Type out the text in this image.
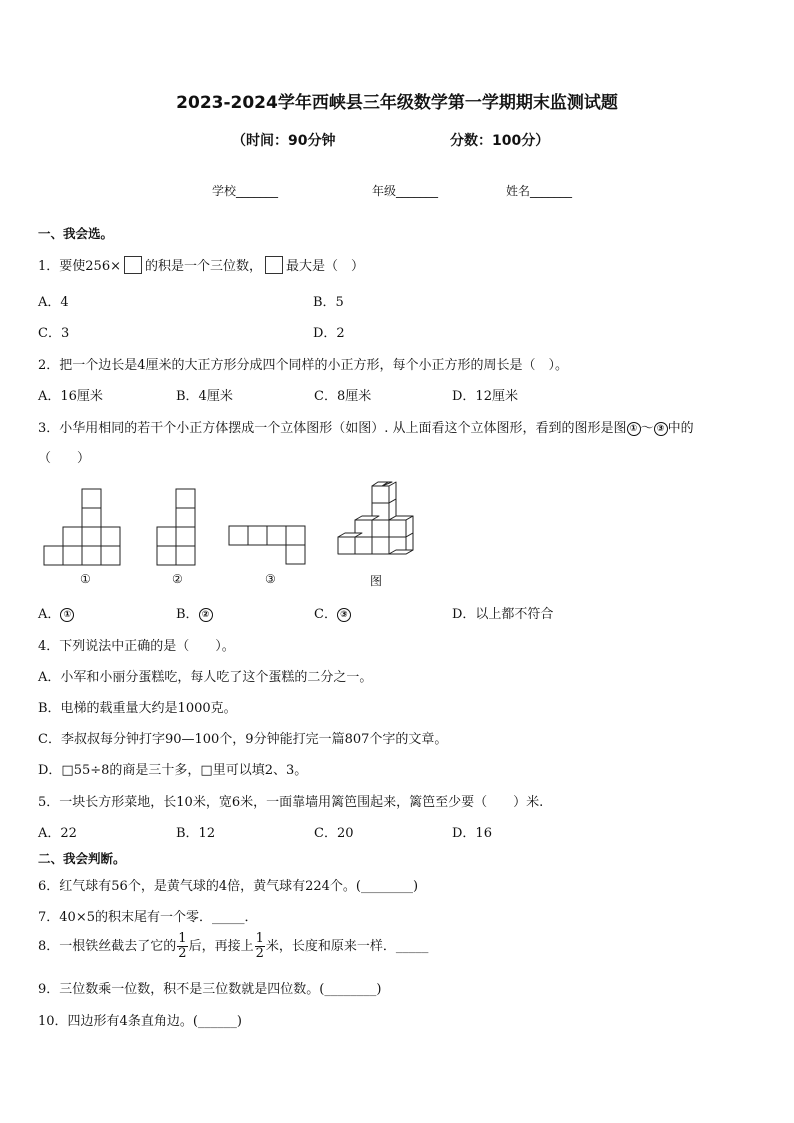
2023-2024学年西峡县三年级数学第一学期期末监测试题
（时间：90分钟	分数：100分）
学校_______	年级_______	姓名_______
一、我会选。
1．要使256× 的积是一个三位数， 最大是（　）
A．4	B．5
C．3	D．2
2．把一个边长是4厘米的大正方形分成四个同样的小正方形，每个小正方形的周长是（　）。
A．16厘米	B．4厘米	C．8厘米	D．12厘米
3．小华用相同的若干个小正方体摆成一个立体图形（如图）. 从上面看这个立体图形，看到的图形是图 ① ～ ③ 中的
（　　）
①	②	③	图
A． ①	B． ②	C． ③	D．以上都不符合
4．下列说法中正确的是（　　）。
A．小军和小丽分蛋糕吃，每人吃了这个蛋糕的二分之一。
B．电梯的载重量大约是1000克。
C．李叔叔每分钟打字90—100个，9分钟能打完一篇807个字的文章。
D．□55÷8的商是三十多，□里可以填2、3。
5．一块长方形菜地，长10米，宽6米，一面靠墙用篱笆围起来，篱笆至少要（　　）米.
A．22	B．12	C．20	D．16
二、我会判断。
6．红气球有56个，是黄气球的4倍，黄气球有224个。(________)
7．40×5的积末尾有一个零．_____．
8．一根铁丝截去了它的 $\frac{1}{2}$ 后，再接上 $\frac{1}{2}$ 米，长度和原来一样．_____
9．三位数乘一位数，积不是三位数就是四位数。(________)
10．四边形有4条直角边。(______)
